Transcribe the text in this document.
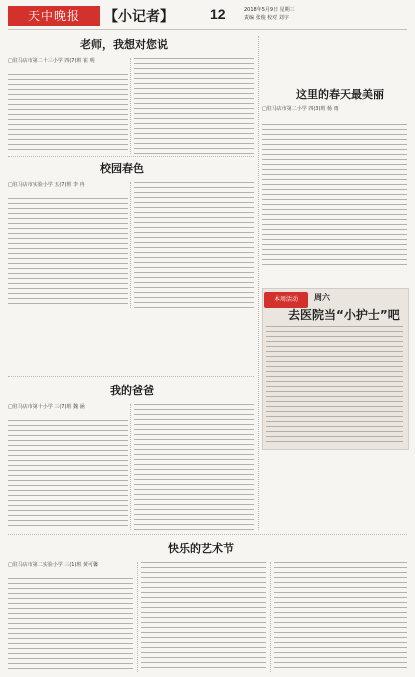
天中晚报	【小记者】	12	2018年5月9日 星期三
责编 张俊 校对 刘宇
老师，我想对您说
□驻马店市第二十三小学 四(7)班 崔 明
这里的春天最美丽
□驻马店市第二小学 四(3)班 杨 雨
校园春色
□驻马店市实验小学 五(7)班 李 冉
本周活动	周六
去医院当“小护士”吧
我的爸爸
□驻马店市第十小学 三(7)班 魏 涵
快乐的艺术节
□驻马店市第二实验小学 三(1)班 黄可馨
